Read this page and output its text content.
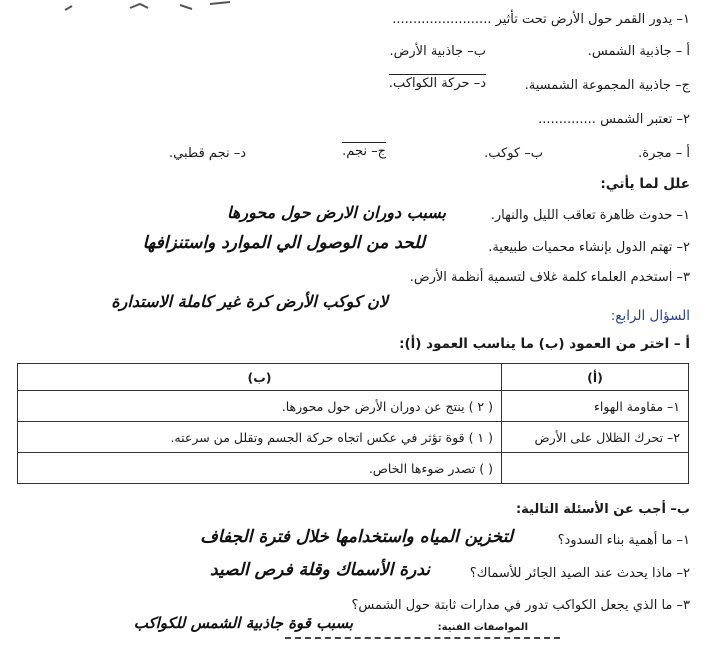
١– يدور القمر حول الأرض تحت تأثير ........................
أ – جاذبية الشمس.
ب– جاذبية الأرض.
ج– جاذبية المجموعة الشمسية.
د– حركة الكواكب.
٢– تعتبر الشمس ..............
أ – مجرة.
ب– كوكب.
ج– نجم.
د– نجم قطبي.
علل لما يأتي:
١– حدوث ظاهرة تعاقب الليل والنهار.
بسبب دوران الارض حول محورها
٢– تهتم الدول بإنشاء محميات طبيعية.
للحد من الوصول الي الموارد واستنزافها
٣– استخدم العلماء كلمة غلاف لتسمية أنظمة الأرض.
لان كوكب الأرض كرة غير كاملة الاستدارة
السؤال الرابع:
أ – اختر من العمود (ب) ما يناسب العمود (أ):
(أ)	(ب)
١– مقاومة الهواء	( ٢ ) ينتج عن دوران الأرض حول محورها.
٢– تحرك الظلال على الأرض	( ١ ) قوة تؤثر في عكس اتجاه حركة الجسم وتقلل من سرعته.
	( ) تصدر ضوءها الخاص.
ب– أجب عن الأسئلة التالية:
١– ما أهمية بناء السدود؟
لتخزين المياه واستخدامها خلال فترة الجفاف
٢– ماذا يحدث عند الصيد الجائر للأسماك؟
ندرة الأسماك وقلة فرص الصيد
٣– ما الذي يجعل الكواكب تدور في مدارات ثابتة حول الشمس؟
بسبب قوة جاذبية الشمس للكواكب	المواصفات الفنية:
